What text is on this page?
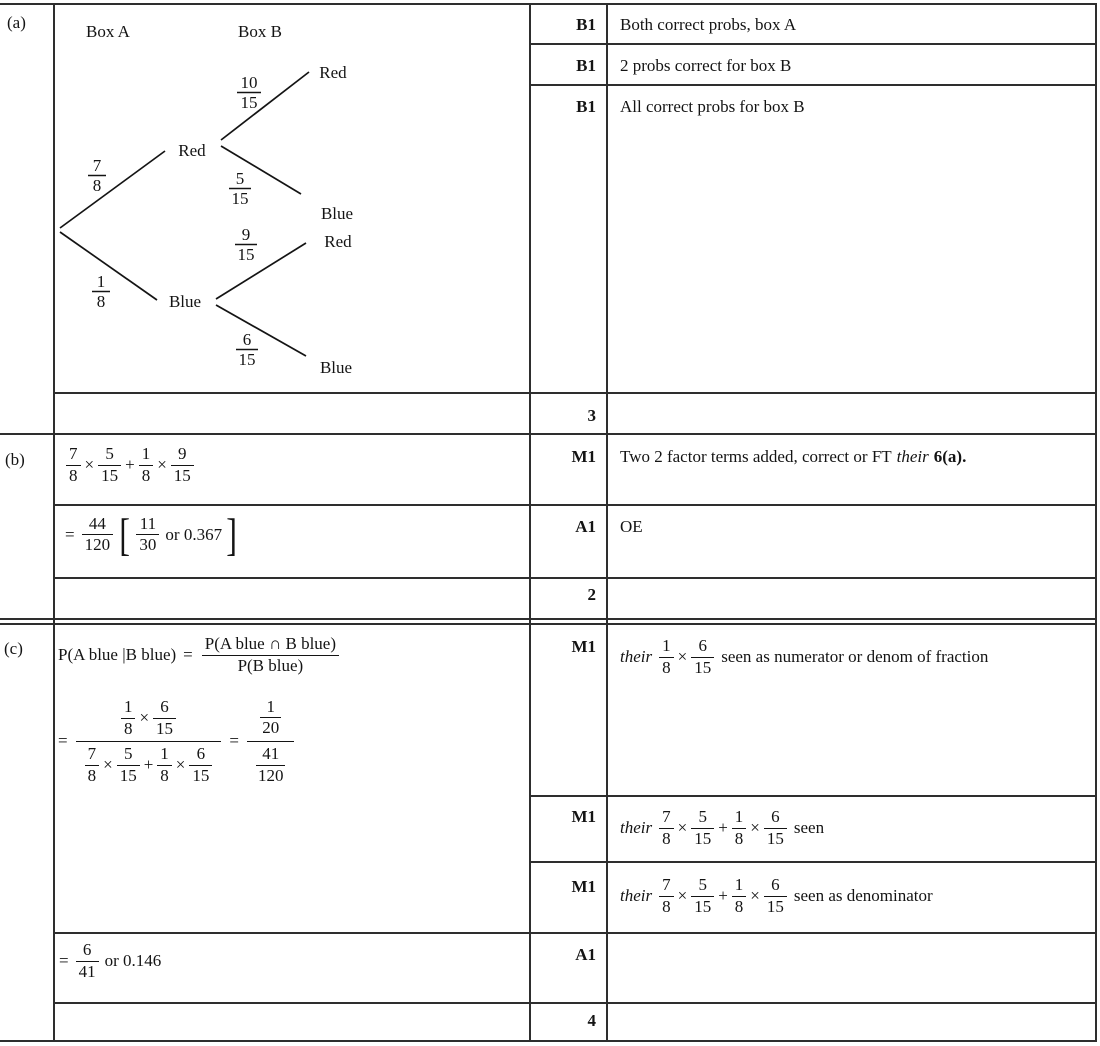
(a)
(b)
(c)
Box A	Box B
Red
Blue
7
8
1
8
Red
Blue
10
15
5
15
Red
Blue
9
15
6
15
B1 Both correct probs, box A
B1 2 probs correct for box B
B1 All correct probs for box B
3
$\frac{7}{8} \times \frac{5}{15} + \frac{1}{8} \times \frac{9}{15}$
= $\frac{44}{120}$ [ $\frac{11}{30}$ or 0.367 ]
M1 Two 2 factor terms added, correct or FT their 6(a).
A1 OE
2
P(A blue |B blue) = $\frac{\text{P(A blue ∩ B blue)}}{\text{P(B blue)}}$
=
$\frac{1}{8} \times \frac{6}{15}$
$\frac{7}{8} \times \frac{5}{15} + \frac{1}{8} \times \frac{6}{15}$
= $\frac{\frac{1}{20}}{\frac{41}{120}}$
= $\frac{6}{41}$ or 0.146
M1
their $\frac{1}{8} \times \frac{6}{15}$ seen as numerator or denom of fraction
M1
their $\frac{7}{8} \times \frac{5}{15} + \frac{1}{8} \times \frac{6}{15}$ seen
M1 their $\frac{7}{8} \times \frac{5}{15} + \frac{1}{8} \times \frac{6}{15}$ seen as denominator
A1
4
